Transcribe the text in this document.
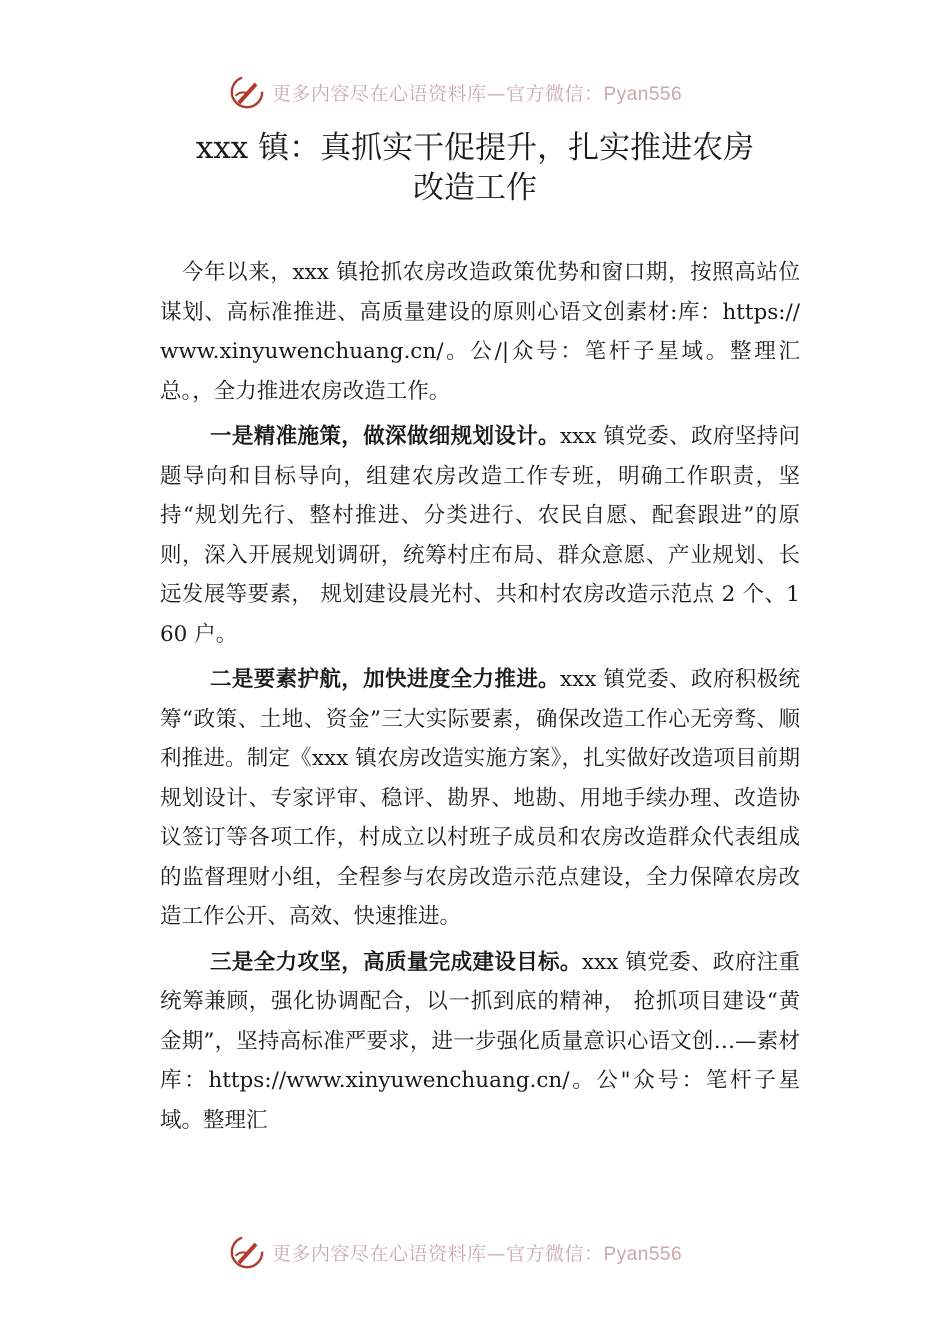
更多内容尽在心语资料库—官方微信：Pyan556
xxx 镇：真抓实干促提升，扎实推进农房
改造工作

今年以来，xxx 镇抢抓农房改造政策优势和窗口期，按照高站位谋划、高标准推进、高质量建设的原则心语文创素材:库：https://www.xinyuwenchuang.cn/。公/|众号：笔杆子星域。整理汇总。，全力推进农房改造工作。

一是精准施策，做深做细规划设计。xxx 镇党委、政府坚持问题导向和目标导向，组建农房改造工作专班，明确工作职责，坚持“规划先行、整村推进、分类进行、农民自愿、配套跟进”的原则，深入开展规划调研，统筹村庄布局、群众意愿、产业规划、长远发展等要素， 规划建设晨光村、共和村农房改造示范点 2 个、160 户。

二是要素护航，加快进度全力推进。xxx 镇党委、政府积极统筹“政策、土地、资金”三大实际要素，确保改造工作心无旁骛、顺利推进。制定《xxx 镇农房改造实施方案》，扎实做好改造项目前期规划设计、专家评审、稳评、勘界、地勘、用地手续办理、改造协议签订等各项工作，村成立以村班子成员和农房改造群众代表组成的监督理财小组，全程参与农房改造示范点建设，全力保障农房改造工作公开、高效、快速推进。

三是全力攻坚，高质量完成建设目标。xxx 镇党委、政府注重统筹兼顾，强化协调配合，以一抓到底的精神， 抢抓项目建设“黄金期”，坚持高标准严要求，进一步强化质量意识心语文创…—素材库：https://www.xinyuwenchuang.cn/。公"众号：笔杆子星域。整理汇

更多内容尽在心语资料库—官方微信：Pyan556
